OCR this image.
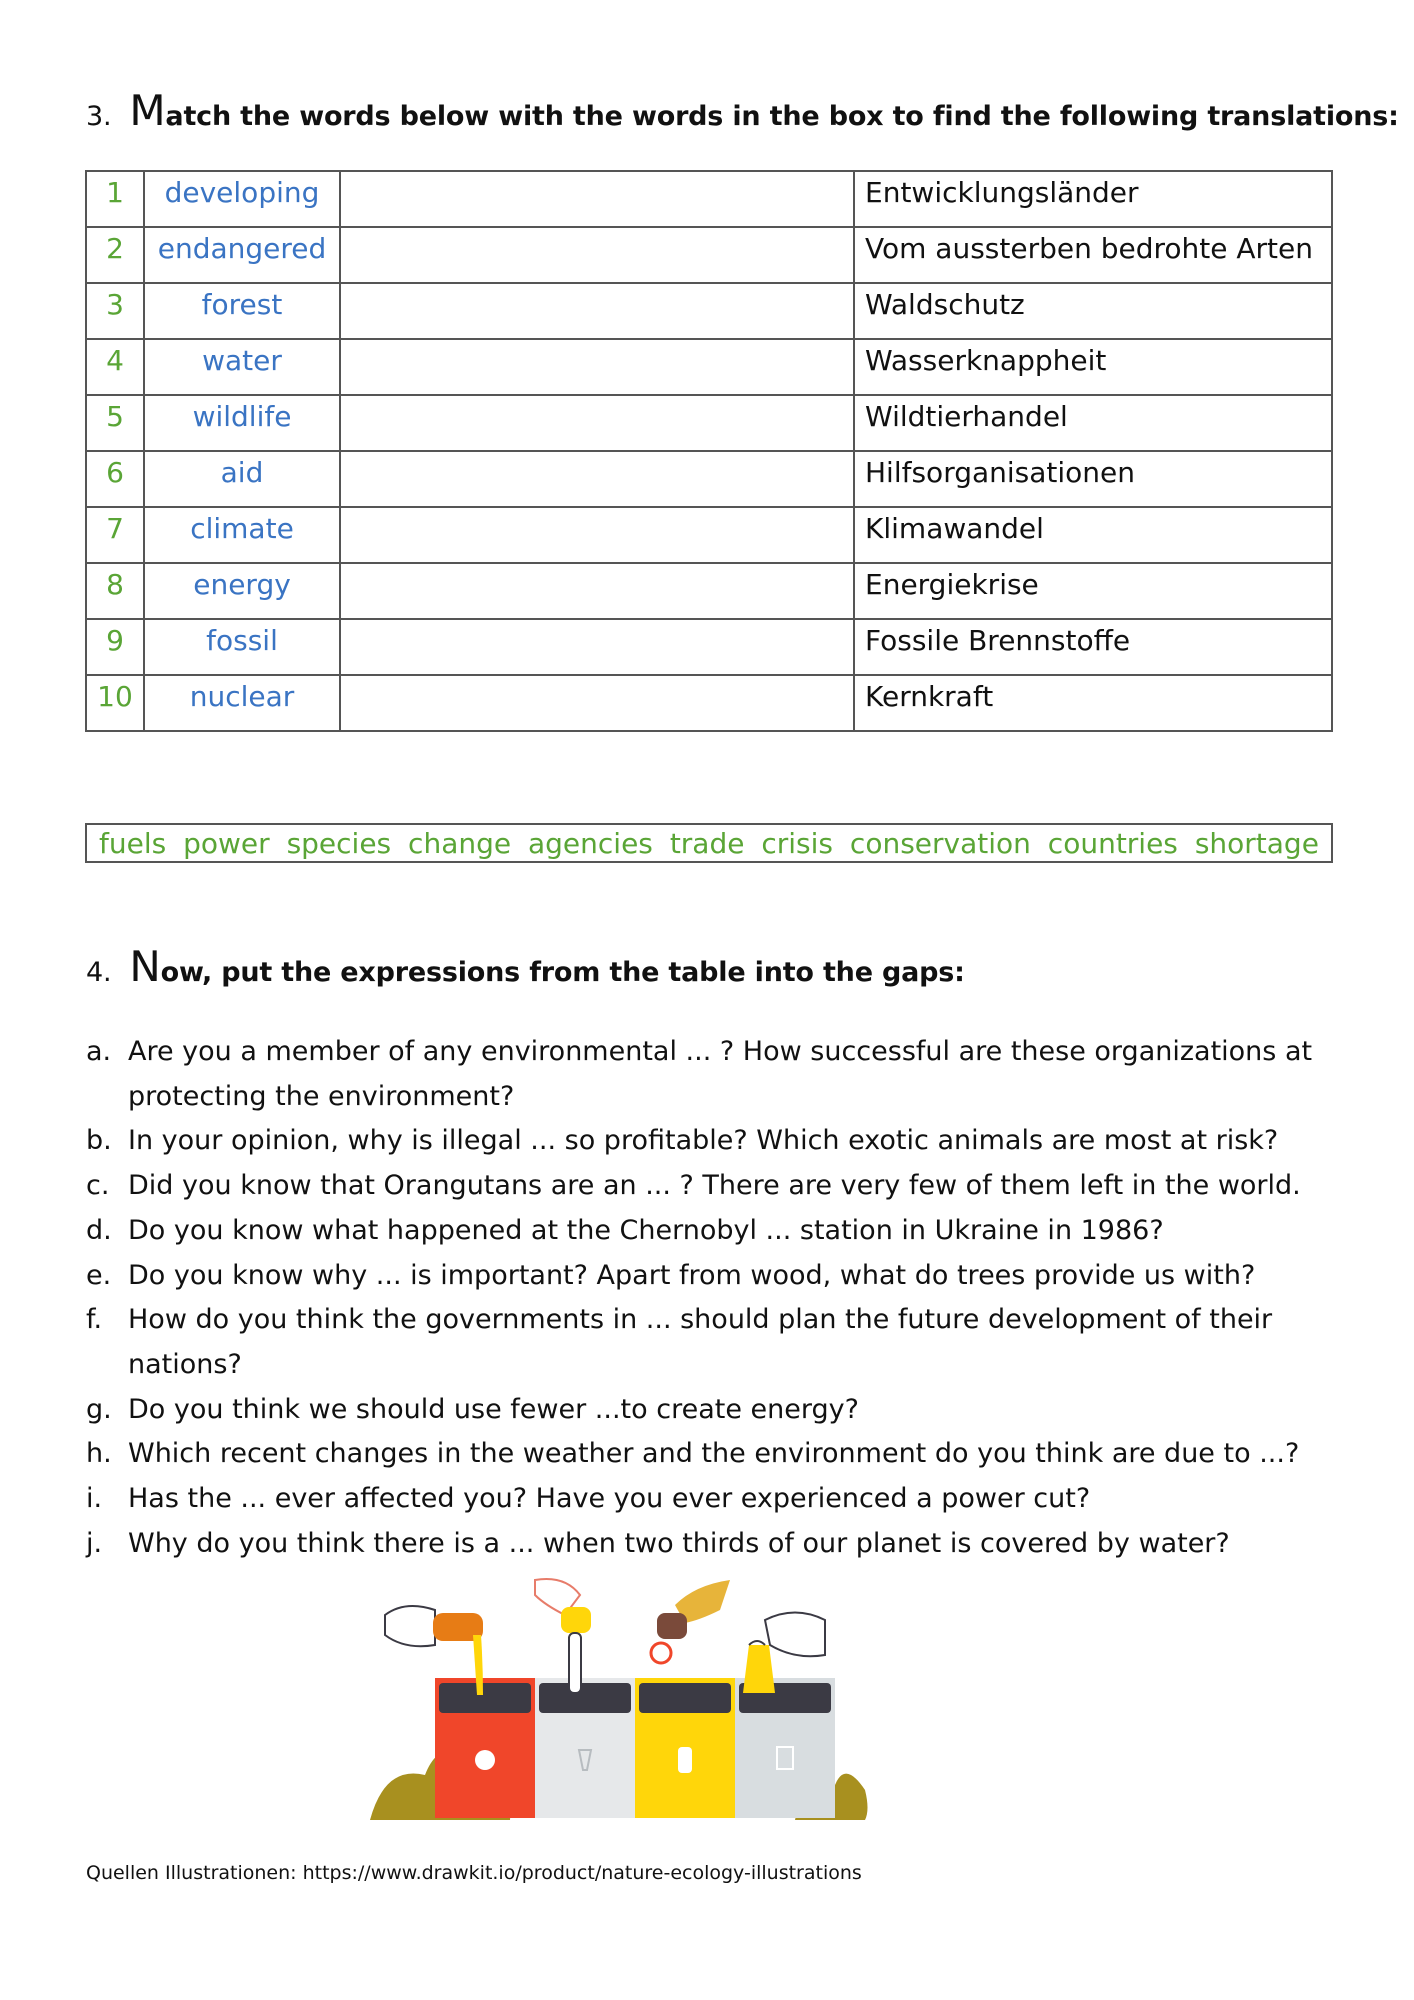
3. Match the words below with the words in the box to find the following translations:
1	developing		Entwicklungsländer
2	endangered		Vom aussterben bedrohte Arten
3	forest		Waldschutz
4	water		Wasserknappheit
5	wildlife		Wildtierhandel
6	aid		Hilfsorganisationen
7	climate		Klimawandel
8	energy		Energiekrise
9	fossil		Fossile Brennstoffe
10	nuclear		Kernkraft
fuels power species change agencies trade crisis conservation countries shortage
4. Now, put the expressions from the table into the gaps:
a. Are you a member of any environmental ... ? How successful are these organizations at protecting the environment?
b. In your opinion, why is illegal ... so profitable? Which exotic animals are most at risk?
c. Did you know that Orangutans are an ... ? There are very few of them left in the world.
d. Do you know what happened at the Chernobyl ... station in Ukraine in 1986?
e. Do you know why ... is important? Apart from wood, what do trees provide us with?
f. How do you think the governments in ... should plan the future development of their nations?
g. Do you think we should use fewer ...to create energy?
h. Which recent changes in the weather and the environment do you think are due to ...?
i. Has the ... ever affected you? Have you ever experienced a power cut?
j. Why do you think there is a ... when two thirds of our planet is covered by water?
Quellen Illustrationen: https://www.drawkit.io/product/nature-ecology-illustrations
